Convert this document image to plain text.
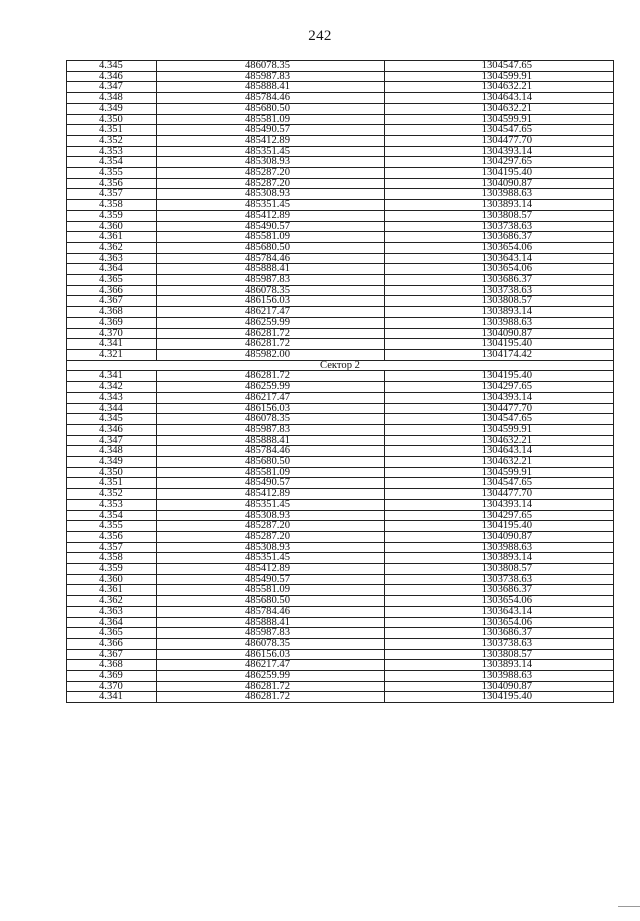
242
4.345	486078.35	1304547.65
4.346	485987.83	1304599.91
4.347	485888.41	1304632.21
4.348	485784.46	1304643.14
4.349	485680.50	1304632.21
4.350	485581.09	1304599.91
4.351	485490.57	1304547.65
4.352	485412.89	1304477.70
4.353	485351.45	1304393.14
4.354	485308.93	1304297.65
4.355	485287.20	1304195.40
4.356	485287.20	1304090.87
4.357	485308.93	1303988.63
4.358	485351.45	1303893.14
4.359	485412.89	1303808.57
4.360	485490.57	1303738.63
4.361	485581.09	1303686.37
4.362	485680.50	1303654.06
4.363	485784.46	1303643.14
4.364	485888.41	1303654.06
4.365	485987.83	1303686.37
4.366	486078.35	1303738.63
4.367	486156.03	1303808.57
4.368	486217.47	1303893.14
4.369	486259.99	1303988.63
4.370	486281.72	1304090.87
4.341	486281.72	1304195.40
4.321	485982.00	1304174.42
Сектор 2		
4.341	486281.72	1304195.40
4.342	486259.99	1304297.65
4.343	486217.47	1304393.14
4.344	486156.03	1304477.70
4.345	486078.35	1304547.65
4.346	485987.83	1304599.91
4.347	485888.41	1304632.21
4.348	485784.46	1304643.14
4.349	485680.50	1304632.21
4.350	485581.09	1304599.91
4.351	485490.57	1304547.65
4.352	485412.89	1304477.70
4.353	485351.45	1304393.14
4.354	485308.93	1304297.65
4.355	485287.20	1304195.40
4.356	485287.20	1304090.87
4.357	485308.93	1303988.63
4.358	485351.45	1303893.14
4.359	485412.89	1303808.57
4.360	485490.57	1303738.63
4.361	485581.09	1303686.37
4.362	485680.50	1303654.06
4.363	485784.46	1303643.14
4.364	485888.41	1303654.06
4.365	485987.83	1303686.37
4.366	486078.35	1303738.63
4.367	486156.03	1303808.57
4.368	486217.47	1303893.14
4.369	486259.99	1303988.63
4.370	486281.72	1304090.87
4.341	486281.72	1304195.40
